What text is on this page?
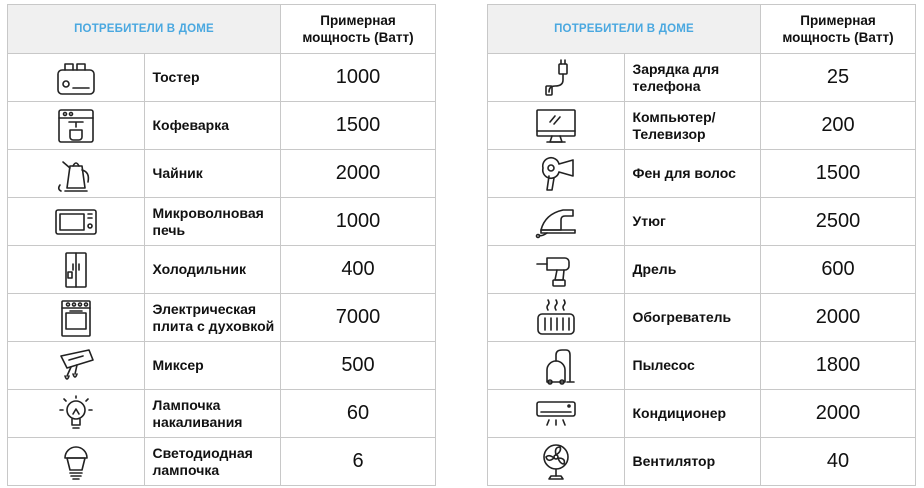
ПОТРЕБИТЕЛИ В ДОМЕ		Примерная
мощность (Ватт)

	Тостер	1000
	Кофеварка	1500
	Чайник	2000
	Микроволновая печь	1000
	Холодильник	400
	Электрическая плита с духовкой	7000
	Миксер	500
	Лампочка накаливания	60
	Светодиодная лампочка	6
ПОТРЕБИТЕЛИ В ДОМЕ		Примерная
мощность (Ватт)

	Зарядка для телефона	25
	Компьютер/Телевизор	200
	Фен для волос	1500
	Утюг	2500
	Дрель	600
	Обогреватель	2000
	Пылесос	1800
	Кондиционер	2000
	Вентилятор	40
